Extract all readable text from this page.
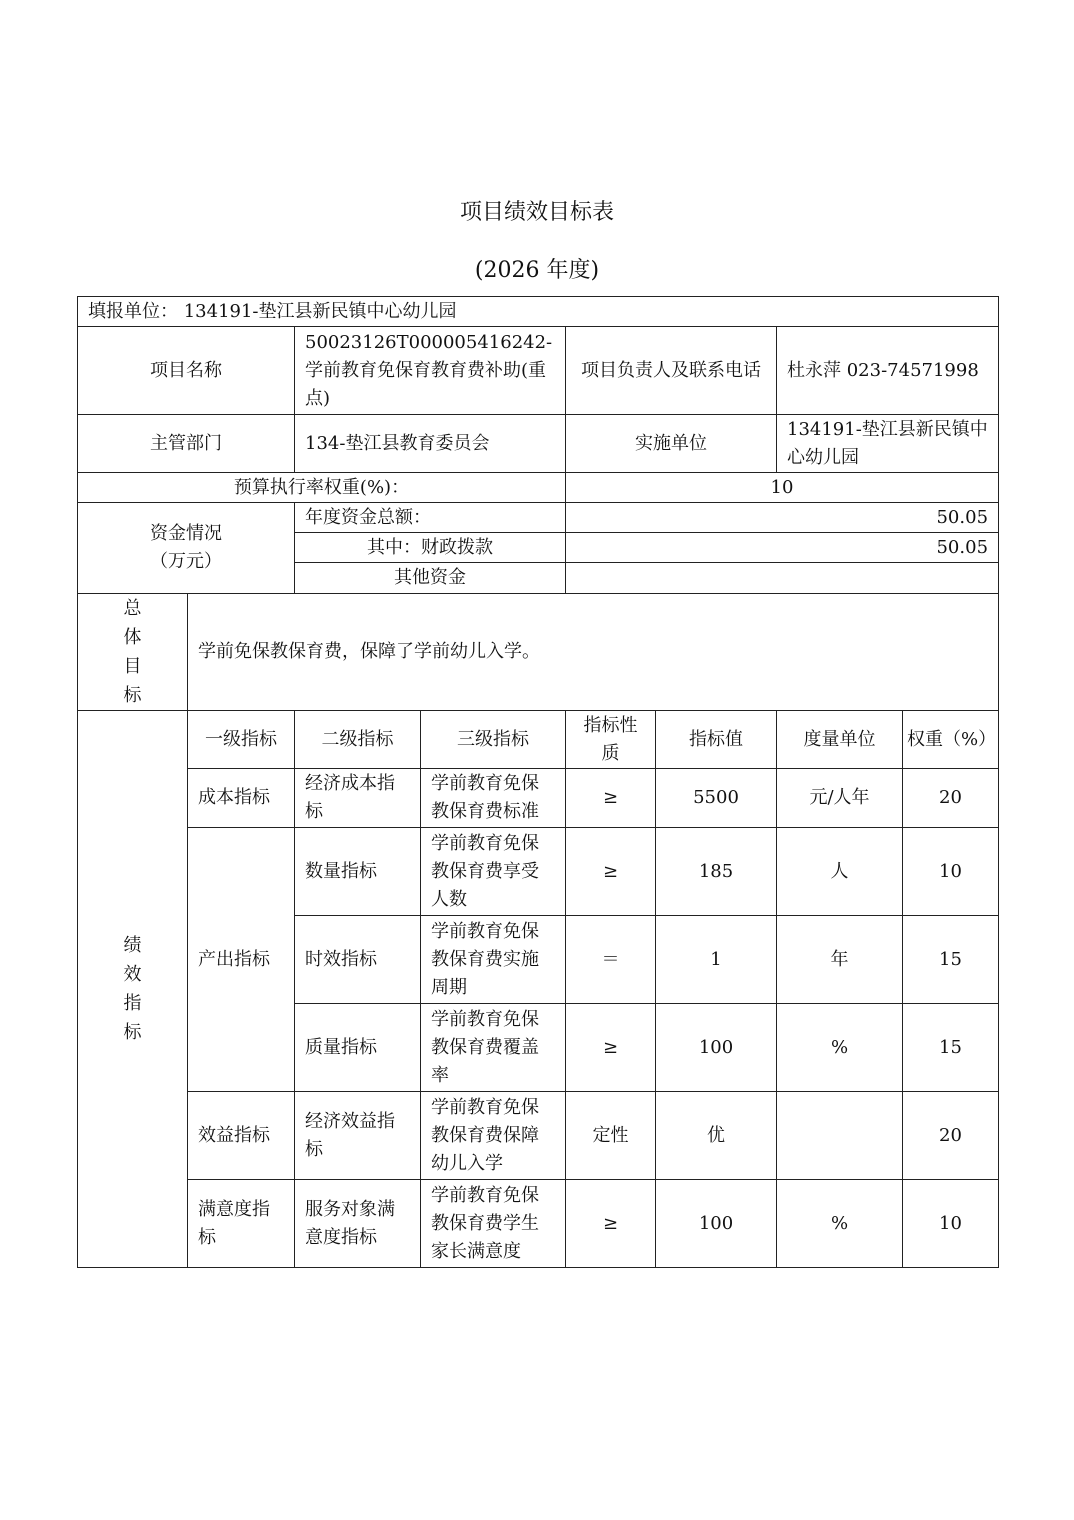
项目绩效目标表
(2026 年度)
填报单位： 134191-垫江县新民镇中心幼儿园							
项目名称		50023126T000005416242-学前教育免保育教育费补助(重点)		项目负责人及联系电话		杜永萍 023-74571998	
主管部门		134-垫江县教育委员会		实施单位		134191-垫江县新民镇中心幼儿园	
预算执行率权重(%)：				10			
资金情况（万元）		年度资金总额：		50.05			
		其中：财政拨款		50.05			
		其他资金					

总体目标	学前免保教保育费，保障了学前幼儿入学。						

绩效指标	一级指标	二级指标	三级指标	指标性质	指标值	度量单位	权重（%）
	成本指标	经济成本指标	学前教育免保教保育费标准	≥	5500	元/人年	20
	产出指标	数量指标	学前教育免保教保育费享受人数	≥	185	人	10
		时效指标	学前教育免保教保育费实施周期	＝	1	年	15
		质量指标	学前教育免保教保育费覆盖率	≥	100	%	15
	效益指标	经济效益指标	学前教育免保教保育费保障幼儿入学	定性	优		20
	满意度指标	服务对象满意度指标	学前教育免保教保育费学生家长满意度	≥	100	%	10
